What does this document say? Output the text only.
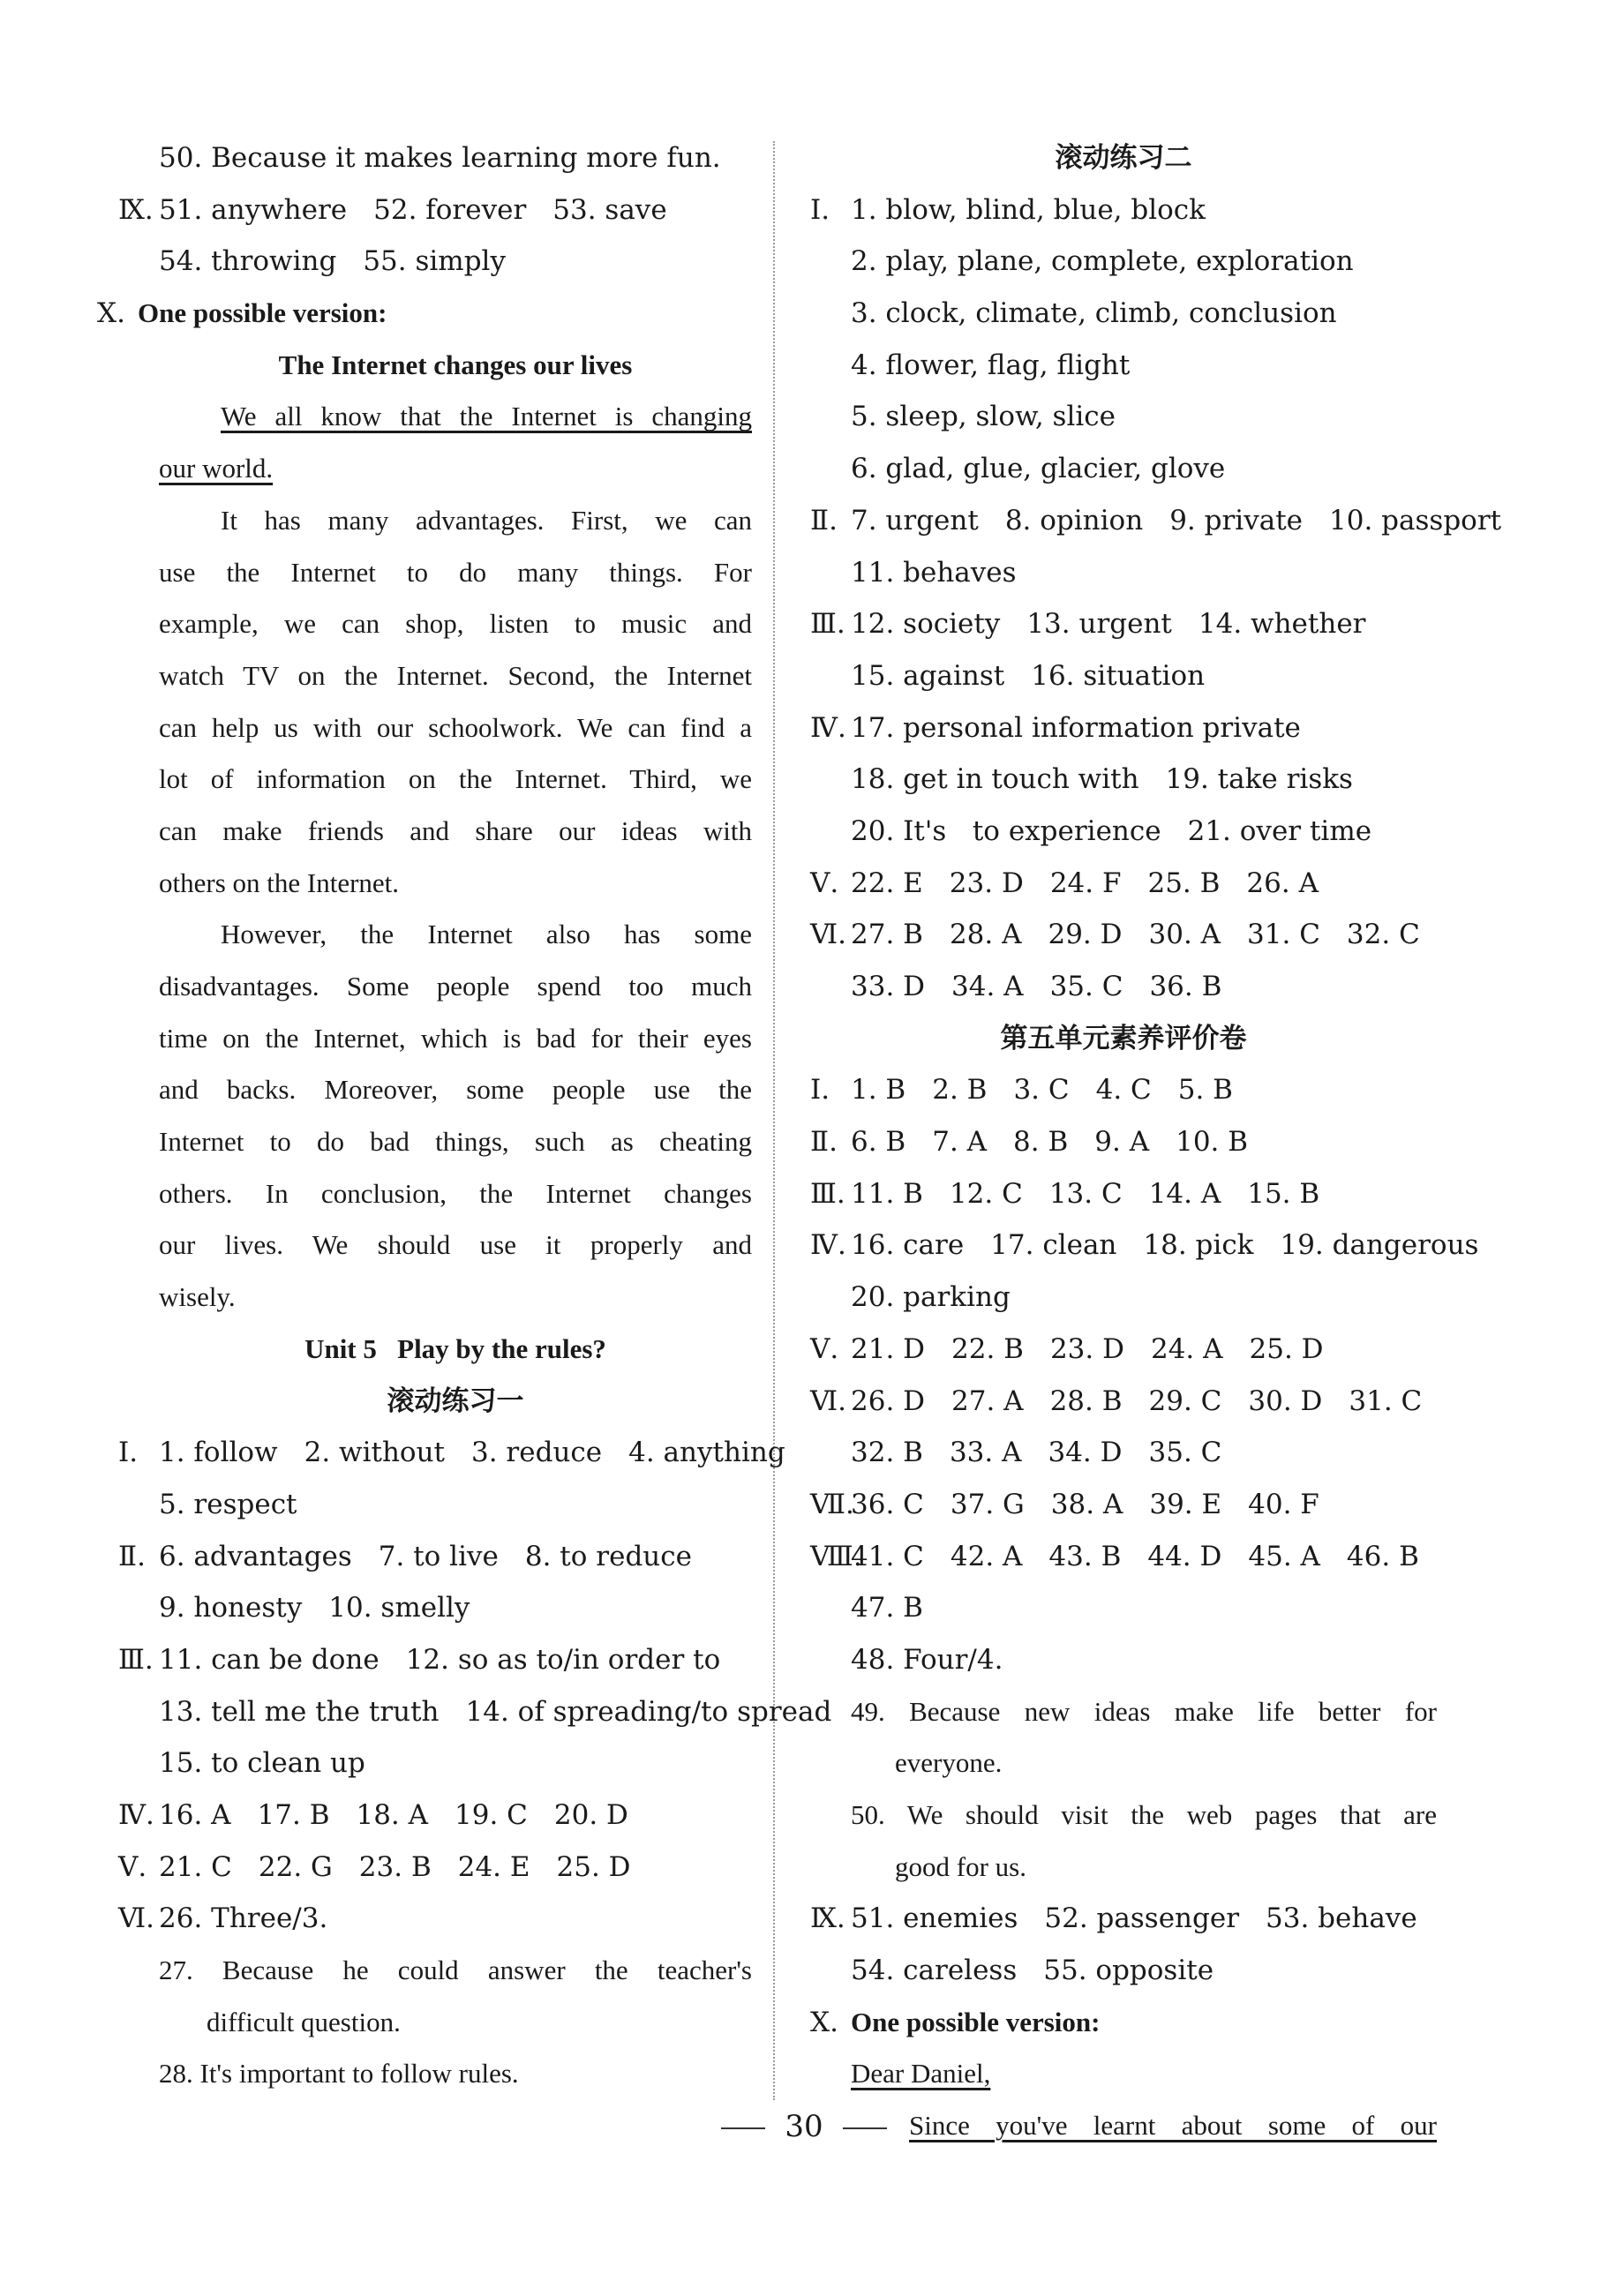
50. Because it makes learning more fun.
Ⅸ. 51. anywhere 52. forever 53. save
54. throwing 55. simply
Ⅹ. One possible version:
The Internet changes our lives
We all know that the Internet is changing
our world.
It has many advantages. First, we can
use the Internet to do many things. For
example, we can shop, listen to music and
watch TV on the Internet. Second, the Internet
can help us with our schoolwork. We can find a
lot of information on the Internet. Third, we
can make friends and share our ideas with
others on the Internet.
However, the Internet also has some
disadvantages. Some people spend too much
time on the Internet, which is bad for their eyes
and backs. Moreover, some people use the
Internet to do bad things, such as cheating
others. In conclusion, the Internet changes
our lives. We should use it properly and
wisely.
Unit 5   Play by the rules?
滚动练习一
Ⅰ. 1. follow 2. without 3. reduce 4. anything
5. respect
Ⅱ. 6. advantages 7. to live 8. to reduce
9. honesty 10. smelly
Ⅲ. 11. can be done 12. so as to/in order to
13. tell me the truth 14. of spreading/to spread
15. to clean up
Ⅳ. 16. A 17. B 18. A 19. C 20. D
Ⅴ. 21. C 22. G 23. B 24. E 25. D
Ⅵ. 26. Three/3.
27. Because he could answer the teacher's
difficult question.
28. It's important to follow rules.
滚动练习二
Ⅰ. 1. blow, blind, blue, block
2. play, plane, complete, exploration
3. clock, climate, climb, conclusion
4. flower, flag, flight
5. sleep, slow, slice
6. glad, glue, glacier, glove
Ⅱ. 7. urgent 8. opinion 9. private 10. passport
11. behaves
Ⅲ. 12. society 13. urgent 14. whether
15. against 16. situation
Ⅳ. 17. personal information private
18. get in touch with 19. take risks
20. It's   to experience 21. over time
Ⅴ. 22. E 23. D 24. F 25. B 26. A
Ⅵ. 27. B 28. A 29. D 30. A 31. C 32. C
33. D 34. A 35. C 36. B
第五单元素养评价卷
Ⅰ. 1. B 2. B 3. C 4. C 5. B
Ⅱ. 6. B 7. A 8. B 9. A 10. B
Ⅲ. 11. B 12. C 13. C 14. A 15. B
Ⅳ. 16. care 17. clean 18. pick 19. dangerous
20. parking
Ⅴ. 21. D 22. B 23. D 24. A 25. D
Ⅵ. 26. D 27. A 28. B 29. C 30. D 31. C
32. B 33. A 34. D 35. C
Ⅶ.36. C 37. G 38. A 39. E 40. F
Ⅷ.41. C 42. A 43. B 44. D 45. A 46. B
47. B
48. Four/4.
49. Because new ideas make life better for
everyone.
50. We should visit the web pages that are
good for us.
Ⅸ. 51. enemies 52. passenger 53. behave
54. careless 55. opposite
Ⅹ. One possible version:
Dear Daniel,
Since you've learnt about some of our
30
